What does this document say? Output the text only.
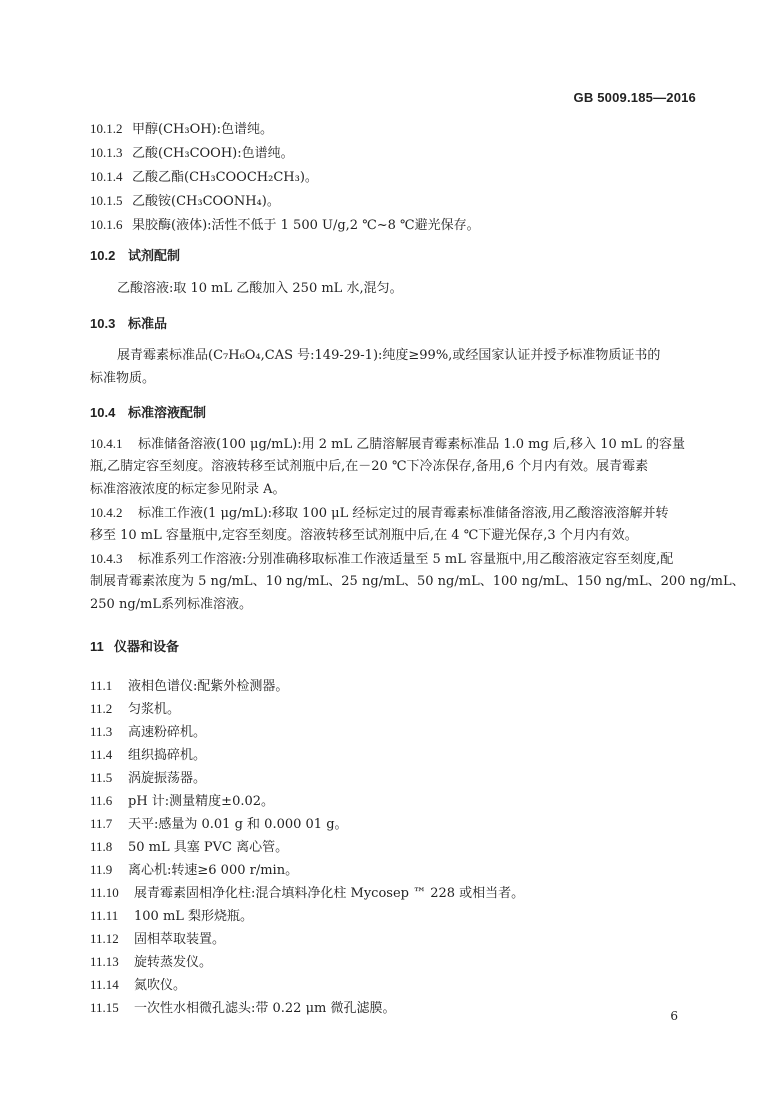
GB 5009.185—2016
10.1.2 甲醇(CH₃OH):色谱纯。
10.1.3 乙酸(CH₃COOH):色谱纯。
10.1.4 乙酸乙酯(CH₃COOCH₂CH₃)。
10.1.5 乙酸铵(CH₃COONH₄)。
10.1.6 果胶酶(液体):活性不低于 1 500 U/g,2 ℃~8 ℃避光保存。
10.2 试剂配制
乙酸溶液:取 10 mL 乙酸加入 250 mL 水,混匀。
10.3 标准品
展青霉素标准品(C₇H₆O₄,CAS 号:149-29-1):纯度≥99%,或经国家认证并授予标准物质证书的
标准物质。
10.4 标准溶液配制
10.4.1 标准储备溶液(100 μg/mL):用 2 mL 乙腈溶解展青霉素标准品 1.0 mg 后,移入 10 mL 的容量
瓶,乙腈定容至刻度。溶液转移至试剂瓶中后,在－20 ℃下冷冻保存,备用,6 个月内有效。展青霉素
标准溶液浓度的标定参见附录 A。
10.4.2 标准工作液(1 μg/mL):移取 100 μL 经标定过的展青霉素标准储备溶液,用乙酸溶液溶解并转
移至 10 mL 容量瓶中,定容至刻度。溶液转移至试剂瓶中后,在 4 ℃下避光保存,3 个月内有效。
10.4.3 标准系列工作溶液:分别准确移取标准工作液适量至 5 mL 容量瓶中,用乙酸溶液定容至刻度,配
制展青霉素浓度为 5 ng/mL、10 ng/mL、25 ng/mL、50 ng/mL、100 ng/mL、150 ng/mL、200 ng/mL、
250 ng/mL系列标准溶液。
11 仪器和设备
11.1 液相色谱仪:配紫外检测器。
11.2 匀浆机。
11.3 高速粉碎机。
11.4 组织捣碎机。
11.5 涡旋振荡器。
11.6 pH 计:测量精度±0.02。
11.7 天平:感量为 0.01 g 和 0.000 01 g。
11.8 50 mL 具塞 PVC 离心管。
11.9 离心机:转速≥6 000 r/min。
11.10 展青霉素固相净化柱:混合填料净化柱 Mycosep ™ 228 或相当者。
11.11 100 mL 梨形烧瓶。
11.12 固相萃取装置。
11.13 旋转蒸发仪。
11.14 氮吹仪。
11.15 一次性水相微孔滤头:带 0.22 μm 微孔滤膜。	6
